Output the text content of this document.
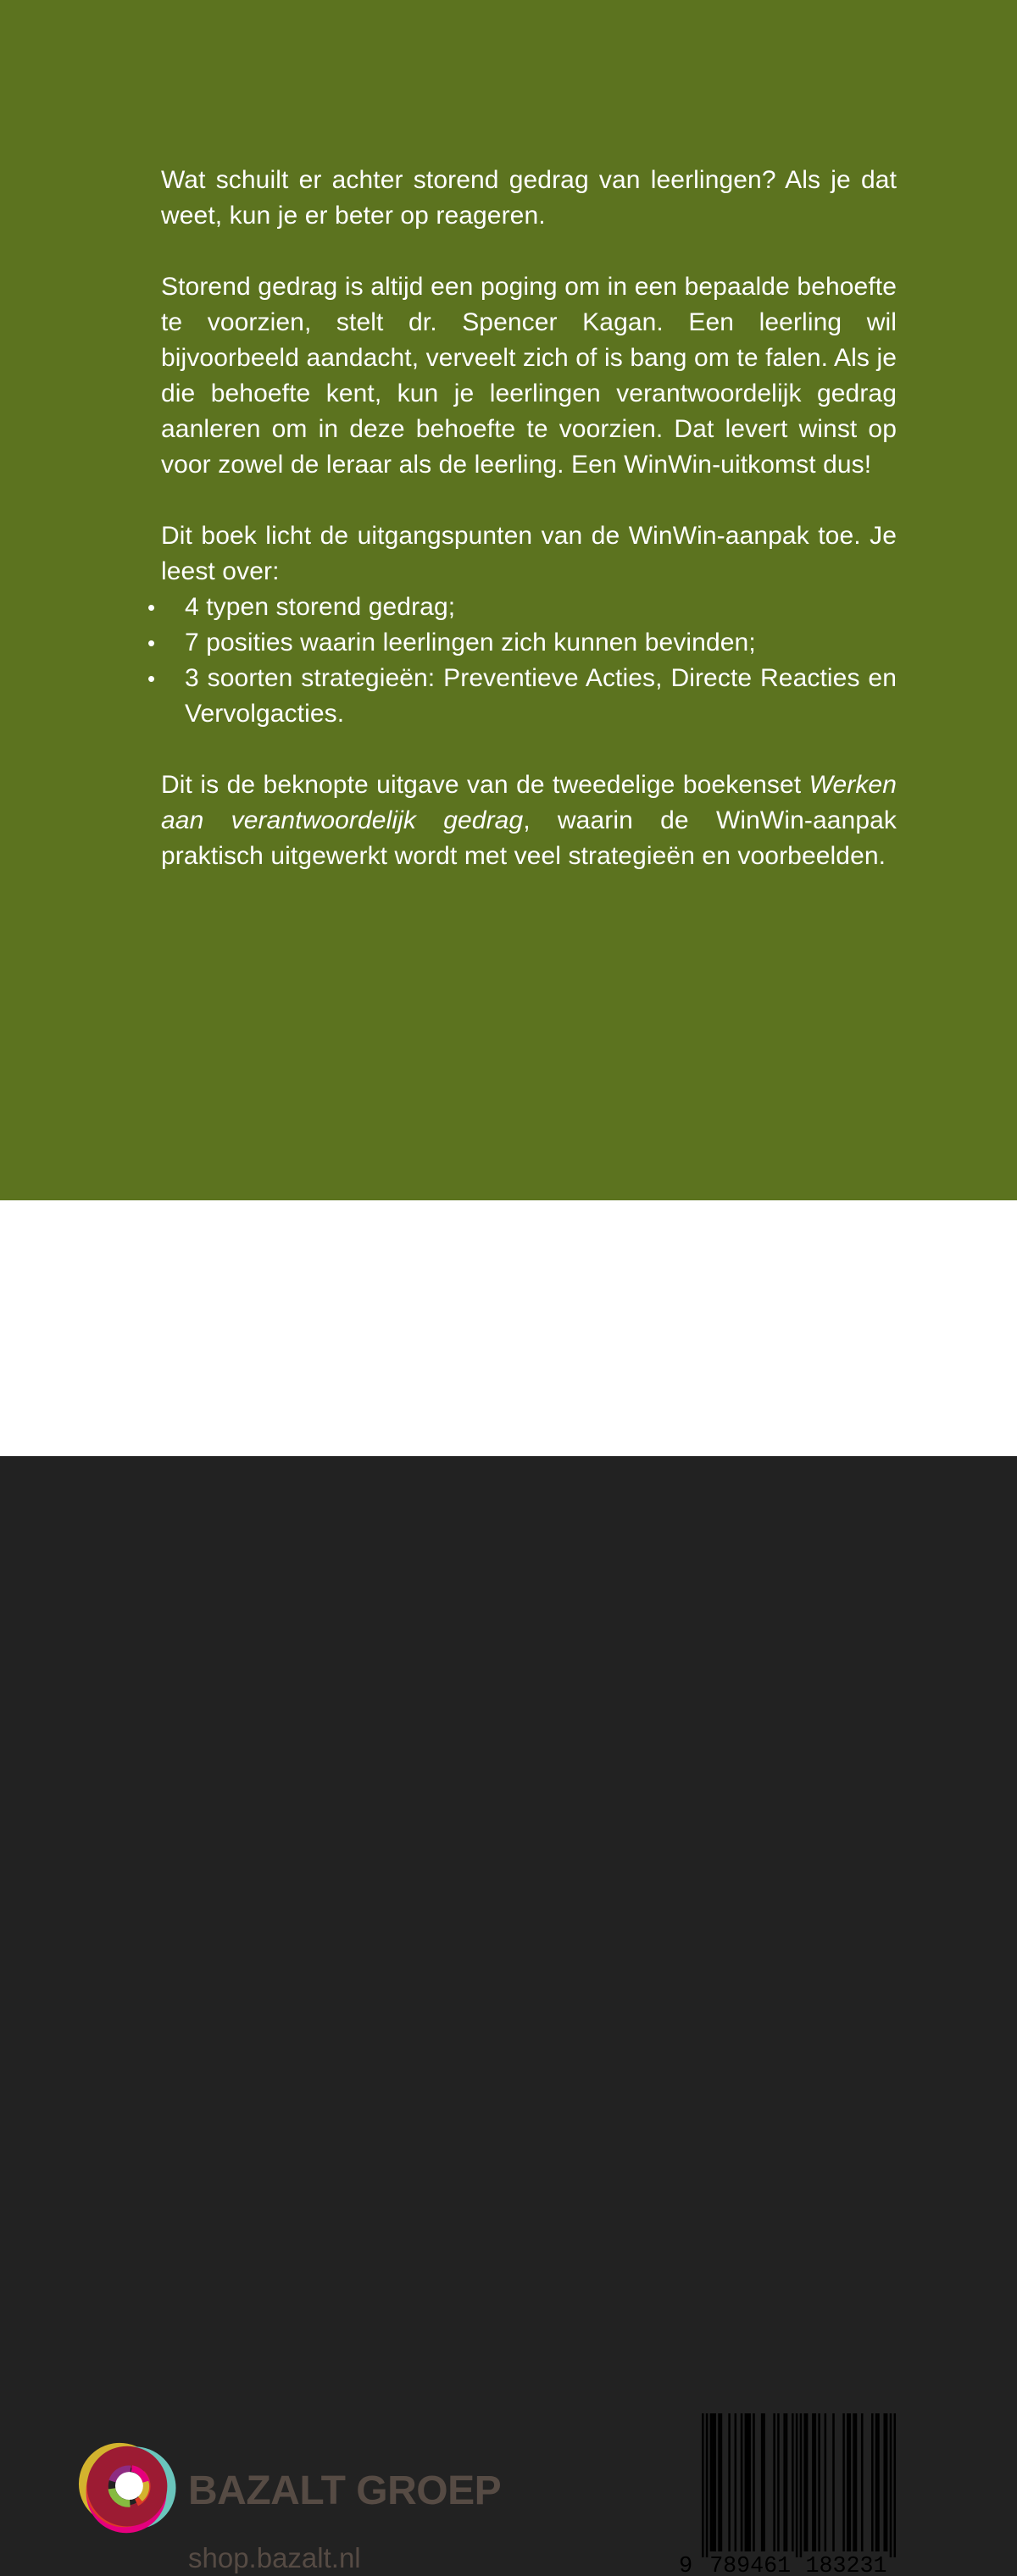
Wat schuilt er achter storend gedrag van leerlingen? Als je dat weet, kun je er beter op reageren.

Storend gedrag is altijd een poging om in een bepaalde behoefte te voorzien, stelt dr. Spencer Kagan. Een leerling wil bijvoorbeeld aandacht, verveelt zich of is bang om te falen. Als je die behoefte kent, kun je leerlingen verantwoordelijk gedrag aanleren om in deze behoefte te voorzien. Dat levert winst op voor zowel de leraar als de leerling. Een WinWin-uitkomst dus!

Dit boek licht de uitgangspunten van de WinWin-aanpak toe. Je leest over:

• 4 typen storend gedrag;
• 7 posities waarin leerlingen zich kunnen bevinden;
• 3 soorten strategieën: Preventieve Acties, Directe Reacties en Vervolgacties.

Dit is de beknopte uitgave van de tweedelige boekenset Werken aan verantwoordelijk gedrag, waarin de WinWin-aanpak praktisch uitgewerkt wordt met veel strategieën en voorbeelden.

BAZALT GROEP
shop.bazalt.nl	9 789461 183231
